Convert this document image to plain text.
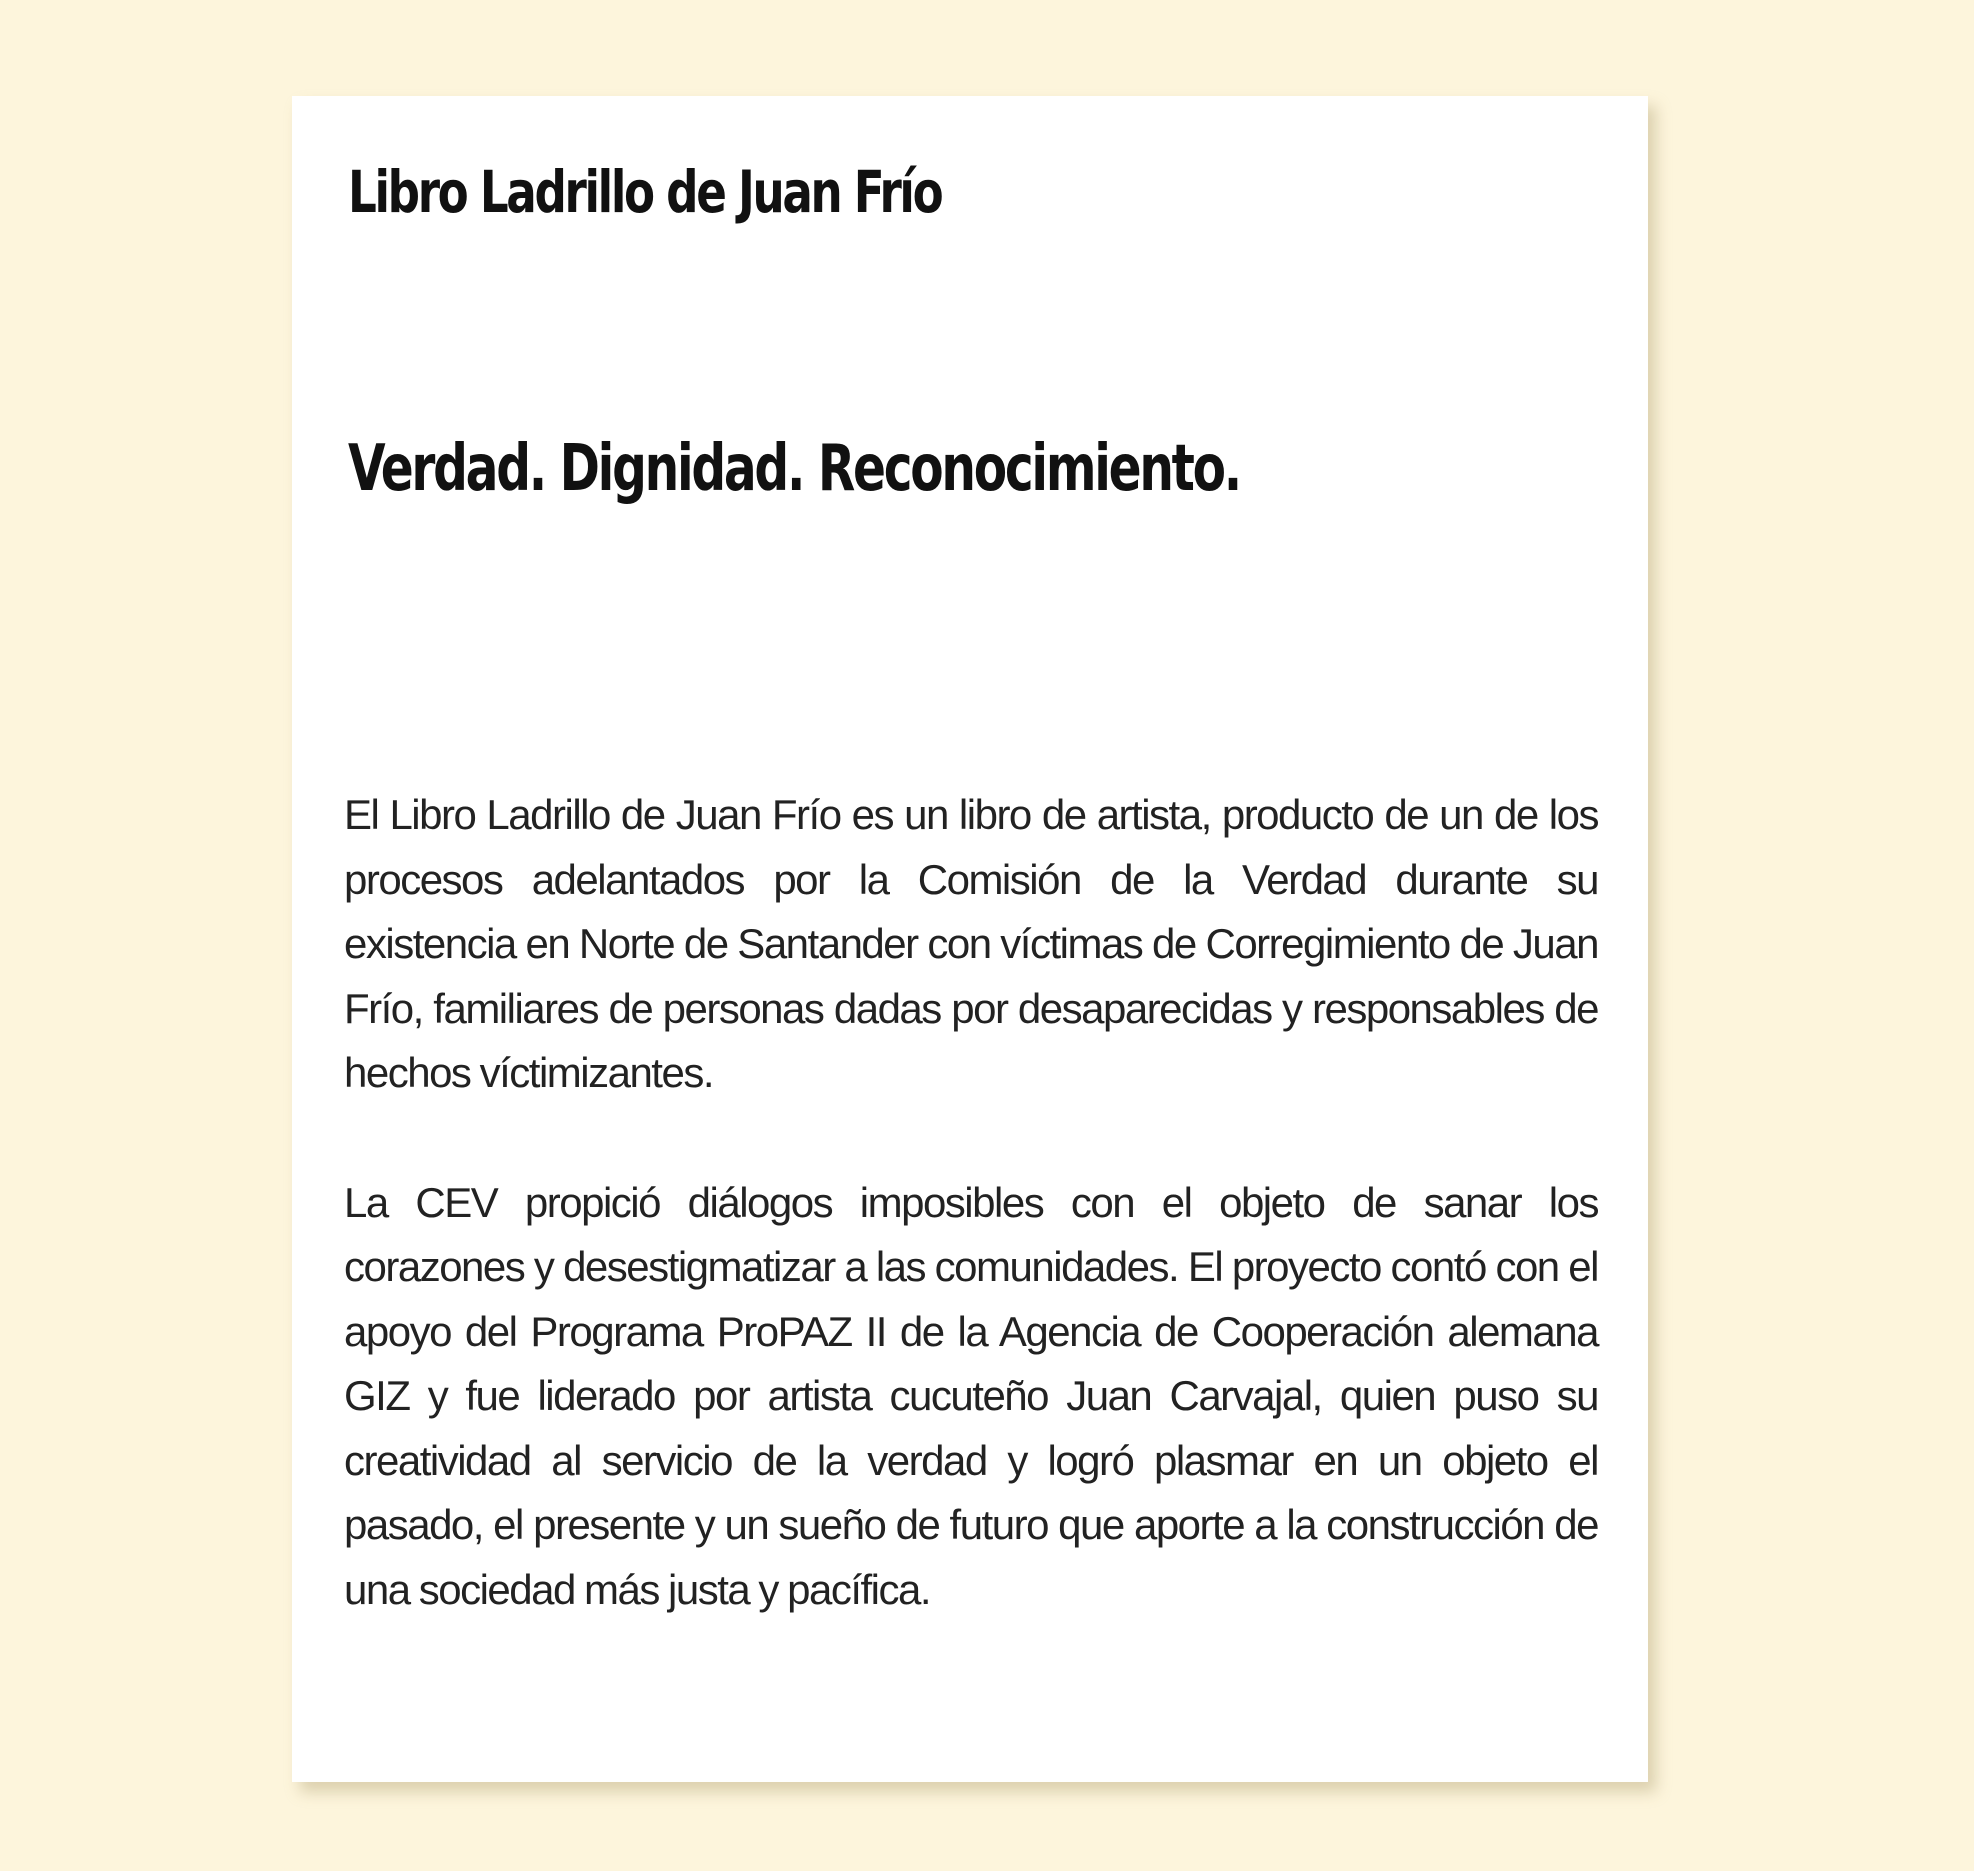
Libro Ladrillo de Juan Frío
Verdad. Dignidad. Reconocimiento.

El Libro Ladrillo de Juan Frío es un libro de artista, producto de un de los procesos adelantados por la Comisión de la Verdad durante su existencia en Norte de Santander con víctimas de Corregimiento de Juan Frío, familiares de personas dadas por desaparecidas y responsables de hechos víctimizantes.

La CEV propició diálogos imposibles con el objeto de sanar los corazones y desestigmatizar a las comunidades. El proyecto contó con el apoyo del Programa ProPAZ II de la Agencia de Cooperación alemana GIZ y fue liderado por artista cucuteño Juan Carvajal, quien puso su creatividad al servicio de la verdad y logró plasmar en un objeto el pasado, el presente y un sueño de futuro que aporte a la construcción de una sociedad más justa y pacífica.
